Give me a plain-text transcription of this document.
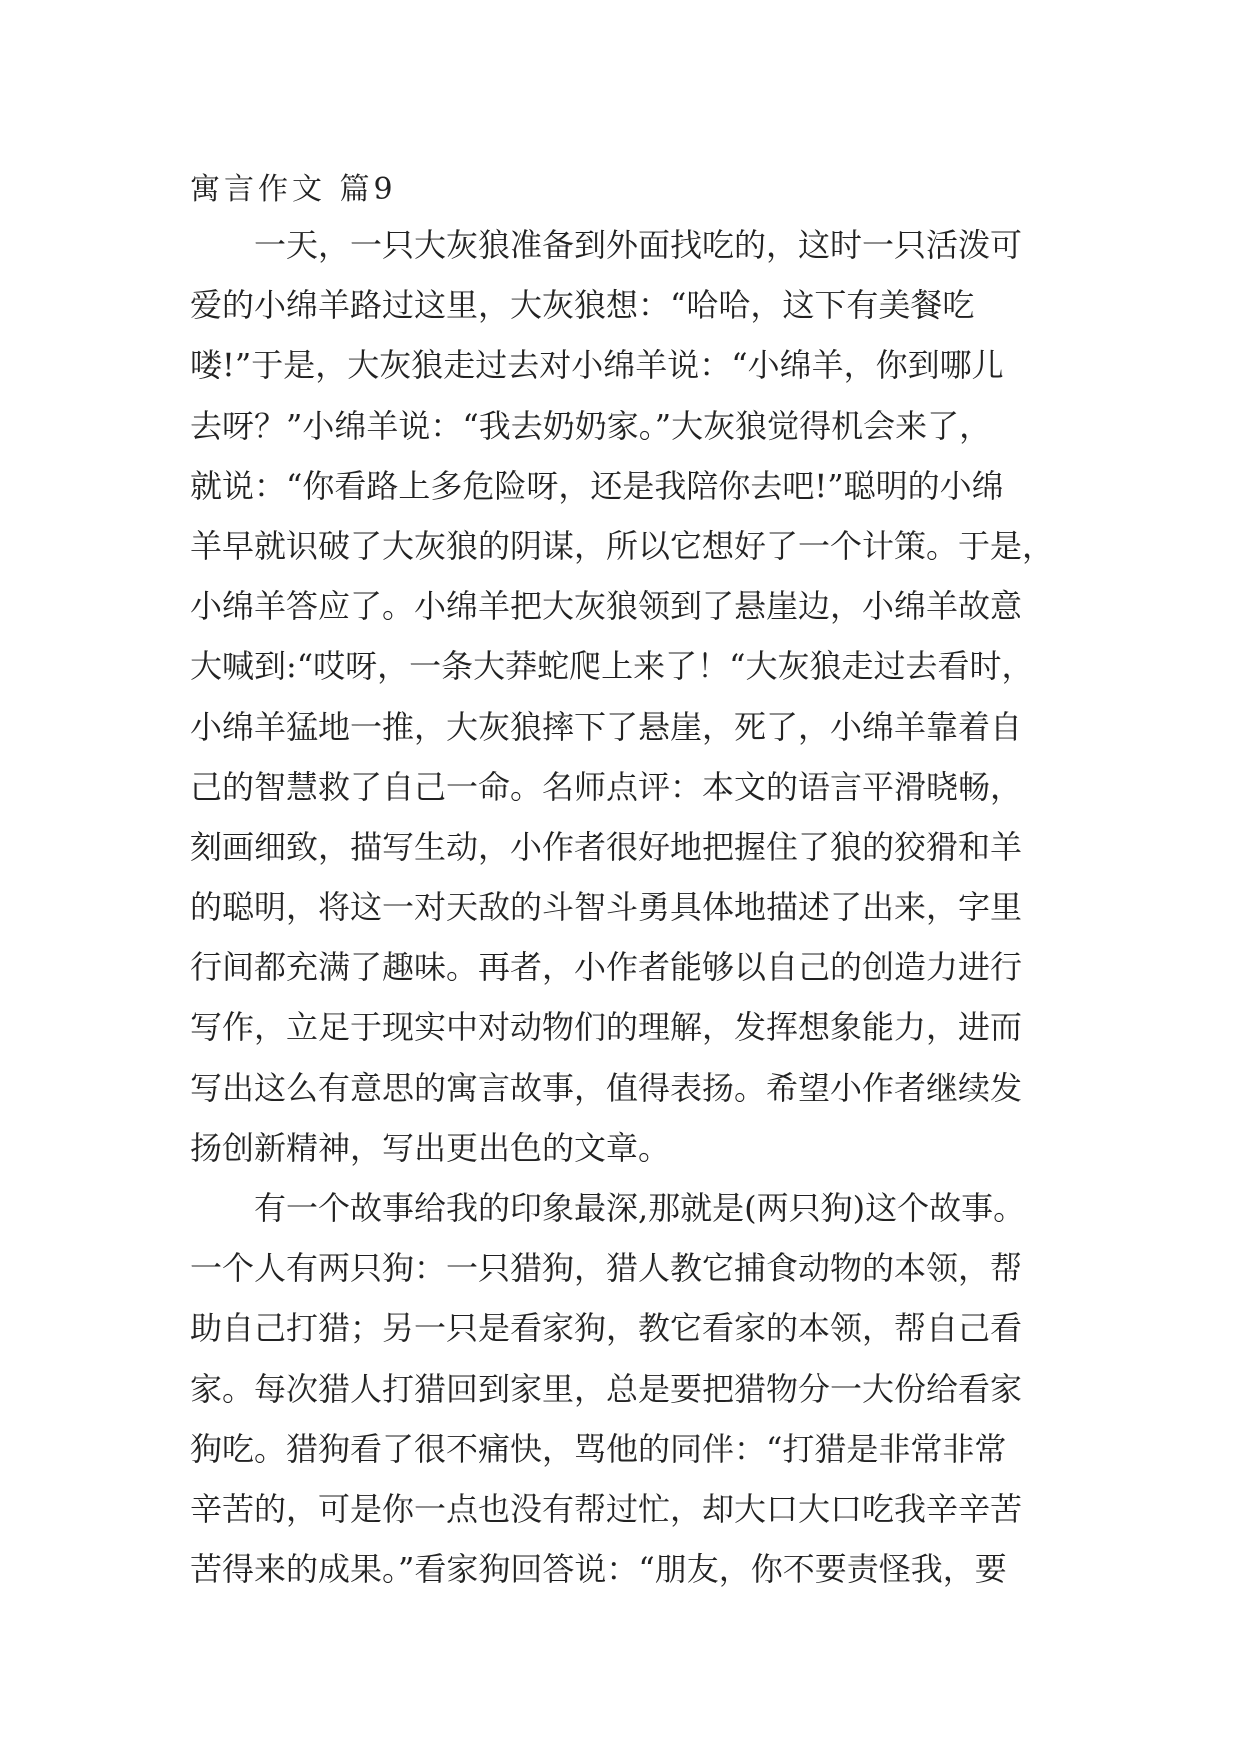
寓言作文 篇9
　　一天，一只大灰狼准备到外面找吃的，这时一只活泼可
爱的小绵羊路过这里，大灰狼想：“哈哈，这下有美餐吃
喽!”于是，大灰狼走过去对小绵羊说：“小绵羊，你到哪儿
去呀？”小绵羊说：“我去奶奶家。”大灰狼觉得机会来了，
就说：“你看路上多危险呀，还是我陪你去吧!”聪明的小绵
羊早就识破了大灰狼的阴谋，所以它想好了一个计策。于是，
小绵羊答应了。小绵羊把大灰狼领到了悬崖边，小绵羊故意
大喊到:“哎呀，一条大莽蛇爬上来了！“大灰狼走过去看时，
小绵羊猛地一推，大灰狼摔下了悬崖，死了，小绵羊靠着自
己的智慧救了自己一命。名师点评：本文的语言平滑晓畅，
刻画细致，描写生动，小作者很好地把握住了狼的狡猾和羊
的聪明，将这一对天敌的斗智斗勇具体地描述了出来，字里
行间都充满了趣味。再者，小作者能够以自己的创造力进行
写作，立足于现实中对动物们的理解，发挥想象能力，进而
写出这么有意思的寓言故事，值得表扬。希望小作者继续发
扬创新精神，写出更出色的文章。
　　有一个故事给我的印象最深,那就是(两只狗)这个故事。
一个人有两只狗：一只猎狗，猎人教它捕食动物的本领，帮
助自己打猎；另一只是看家狗，教它看家的本领，帮自己看
家。每次猎人打猎回到家里，总是要把猎物分一大份给看家
狗吃。猎狗看了很不痛快，骂他的同伴：“打猎是非常非常
辛苦的，可是你一点也没有帮过忙，却大口大口吃我辛辛苦
苦得来的成果。”看家狗回答说：“朋友，你不要责怪我，要
